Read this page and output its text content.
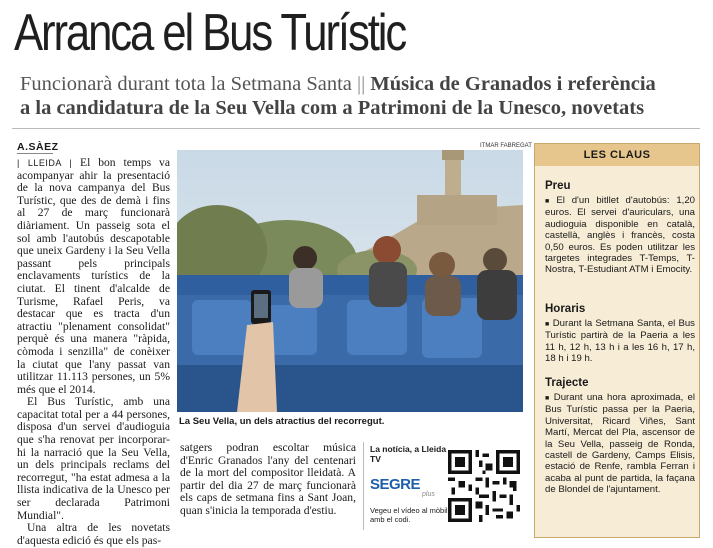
Arranca el Bus Turístic
Funcionarà durant tota la Setmana Santa || Música de Granados i referència
a la candidatura de la Seu Vella com a Patrimoni de la Unesco, novetats
A.SÀEZ

| LLEIDA | El bon temps va acompanyar ahir la presentació de la nova campanya del Bus Turístic, que des de demà i fins al 27 de març funcionarà diàriament. Un passeig sota el sol amb l'autobús descapotable que uneix Gardeny i la Seu Vella passant pels principals enclavaments turístics de la ciutat. El tinent d'alcalde de Turisme, Rafael Peris, va destacar que es tracta d'un atractiu "plenament consolidat" perquè és una manera "ràpida, còmoda i senzilla" de conèixer la ciutat que l'any passat van utilitzar 11.113 persones, un 5% més que el 2014.

El Bus Turístic, amb una capacitat total per a 44 persones, disposa d'un servei d'audioguia que s'ha renovat per incorporar-hi la narració que la Seu Vella, un dels principals reclams del recorregut, "ha estat admesa a la llista indicativa de la Unesco per ser declarada Patrimoni Mundial".

Una altra de les novetats d'aquesta edició és que els pas-

ITMAR FABREGAT
La Seu Vella, un dels atractius del recorregut.

satgers podran escoltar música d'Enric Granados l'any del centenari de la mort del compositor lleidatà. A partir del dia 27 de març funcionarà els caps de setmana fins a Sant Joan, quan s'inicia la temporada d'estiu.

La notícia, a Lleida TV
SEGRE
plus
Vegeu el vídeo al mòbil amb el codi.
LES CLAUS
Preu

■ El d'un bitllet d'autobús: 1,20 euros. El servei d'auriculars, una audioguia disponible en català, castellà, anglès i francès, costa 0,50 euros. Es poden utilitzar les targetes integrades T-Temps, T-Nostra, T-Estudiant ATM i Emocity.

Horaris

■ Durant la Setmana Santa, el Bus Turístic partirà de la Paeria a les 11 h, 12 h, 13 h i a les 16 h, 17 h, 18 h i 19 h.

Trajecte

■ Durant una hora aproximada, el Bus Turístic passa per la Paeria, Universitat, Ricard Viñes, Sant Martí, Mercat del Pla, ascensor de la Seu Vella, passeig de Ronda, castell de Gardeny, Camps Elisis, estació de Renfe, rambla Ferran i acaba al punt de partida, la façana de Blondel de l'ajuntament.
